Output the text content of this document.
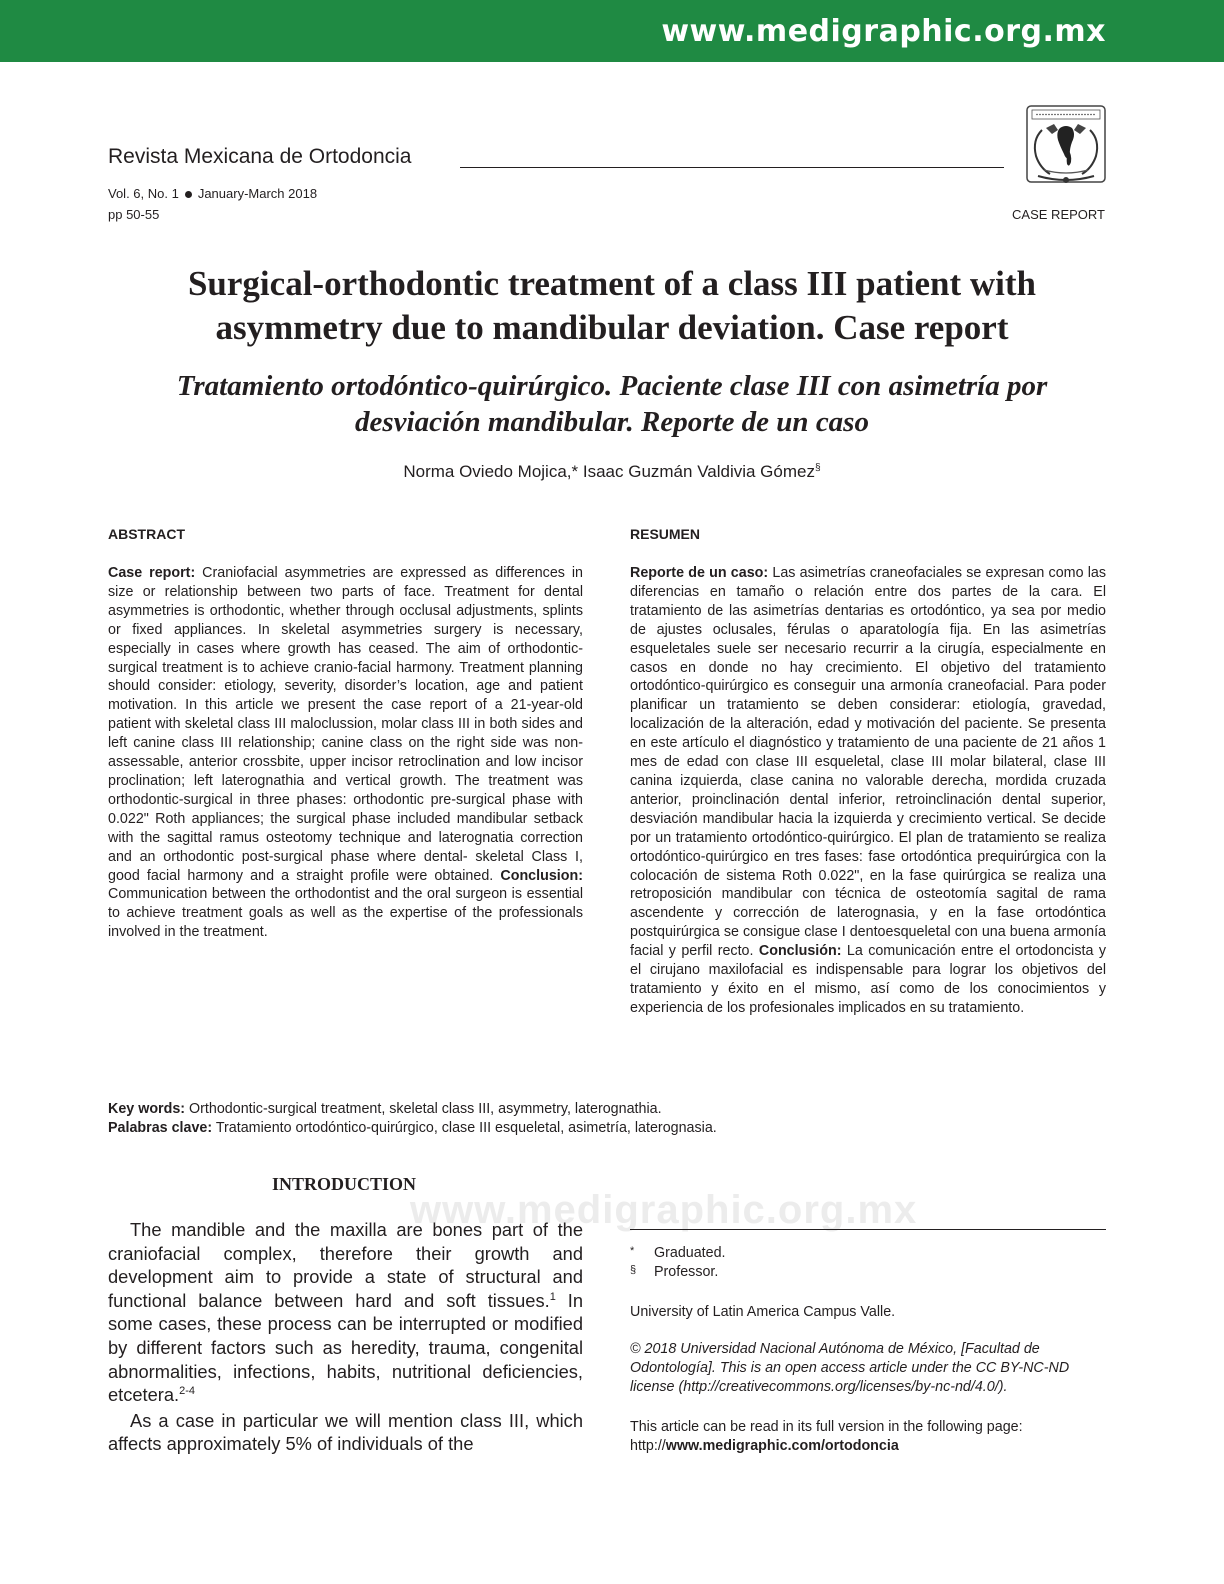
www.medigraphic.org.mx
Revista Mexicana de Ortodoncia
Vol. 6, No. 1 January-March 2018
pp 50-55	CASE REPORT
Surgical-orthodontic treatment of a class III patient with asymmetry due to mandibular deviation. Case report
Tratamiento ortodóntico-quirúrgico. Paciente clase III con asimetría por desviación mandibular. Reporte de un caso
Norma Oviedo Mojica,* Isaac Guzmán Valdivia Gómez§
ABSTRACT

Case report: Craniofacial asymmetries are expressed as differences in size or relationship between two parts of face. Treatment for dental asymmetries is orthodontic, whether through occlusal adjustments, splints or fixed appliances. In skeletal asymmetries surgery is necessary, especially in cases where growth has ceased. The aim of orthodontic-surgical treatment is to achieve cranio-facial harmony. Treatment planning should consider: etiology, severity, disorder’s location, age and patient motivation. In this article we present the case report of a 21-year-old patient with skeletal class III maloclussion, molar class III in both sides and left canine class III relationship; canine class on the right side was non-assessable, anterior crossbite, upper incisor retroclination and low incisor proclination; left laterognathia and vertical growth. The treatment was orthodontic-surgical in three phases: orthodontic pre-surgical phase with 0.022" Roth appliances; the surgical phase included mandibular setback with the sagittal ramus osteotomy technique and laterognatia correction and an orthodontic post-surgical phase where dental- skeletal Class I, good facial harmony and a straight profile were obtained. Conclusion: Communication between the orthodontist and the oral surgeon is essential to achieve treatment goals as well as the expertise of the professionals involved in the treatment.

RESUMEN

Reporte de un caso: Las asimetrías craneofaciales se expresan como las diferencias en tamaño o relación entre dos partes de la cara. El tratamiento de las asimetrías dentarias es ortodóntico, ya sea por medio de ajustes oclusales, férulas o aparatología fija. En las asimetrías esqueletales suele ser necesario recurrir a la cirugía, especialmente en casos en donde no hay crecimiento. El objetivo del tratamiento ortodóntico-quirúrgico es conseguir una armonía craneofacial. Para poder planificar un tratamiento se deben considerar: etiología, gravedad, localización de la alteración, edad y motivación del paciente. Se presenta en este artículo el diagnóstico y tratamiento de una paciente de 21 años 1 mes de edad con clase III esqueletal, clase III molar bilateral, clase III canina izquierda, clase canina no valorable derecha, mordida cruzada anterior, proinclinación dental inferior, retroinclinación dental superior, desviación mandibular hacia la izquierda y crecimiento vertical. Se decide por un tratamiento ortodóntico-quirúrgico. El plan de tratamiento se realiza ortodóntico-quirúrgico en tres fases: fase ortodóntica prequirúrgica con la colocación de sistema Roth 0.022", en la fase quirúrgica se realiza una retroposición mandibular con técnica de osteotomía sagital de rama ascendente y corrección de laterognasia, y en la fase ortodóntica postquirúrgica se consigue clase I dentoesqueletal con una buena armonía facial y perfil recto. Conclusión: La comunicación entre el ortodoncista y el cirujano maxilofacial es indispensable para lograr los objetivos del tratamiento y éxito en el mismo, así como de los conocimientos y experiencia de los profesionales implicados en su tratamiento.

Key words: Orthodontic-surgical treatment, skeletal class III, asymmetry, laterognathia.
Palabras clave: Tratamiento ortodóntico-quirúrgico, clase III esqueletal, asimetría, laterognasia.
www.medigraphic.org.mx
INTRODUCTION

The mandible and the maxilla are bones part of the craniofacial complex, therefore their growth and development aim to provide a state of structural and functional balance between hard and soft tissues.$^1$ In some cases, these process can be interrupted or modified by different factors such as heredity, trauma, congenital abnormalities, infections, habits, nutritional deficiencies, etcetera.$^{2-4}$

As a case in particular we will mention class III, which affects approximately 5% of individuals of the

* Graduated.
§ Professor.
University of Latin America Campus Valle.
© 2018 Universidad Nacional Autónoma de México, [Facultad de Odontología]. This is an open access article under the CC BY-NC-ND license (http://creativecommons.org/licenses/by-nc-nd/4.0/).
This article can be read in its full version in the following page:
http://www.medigraphic.com/ortodoncia
